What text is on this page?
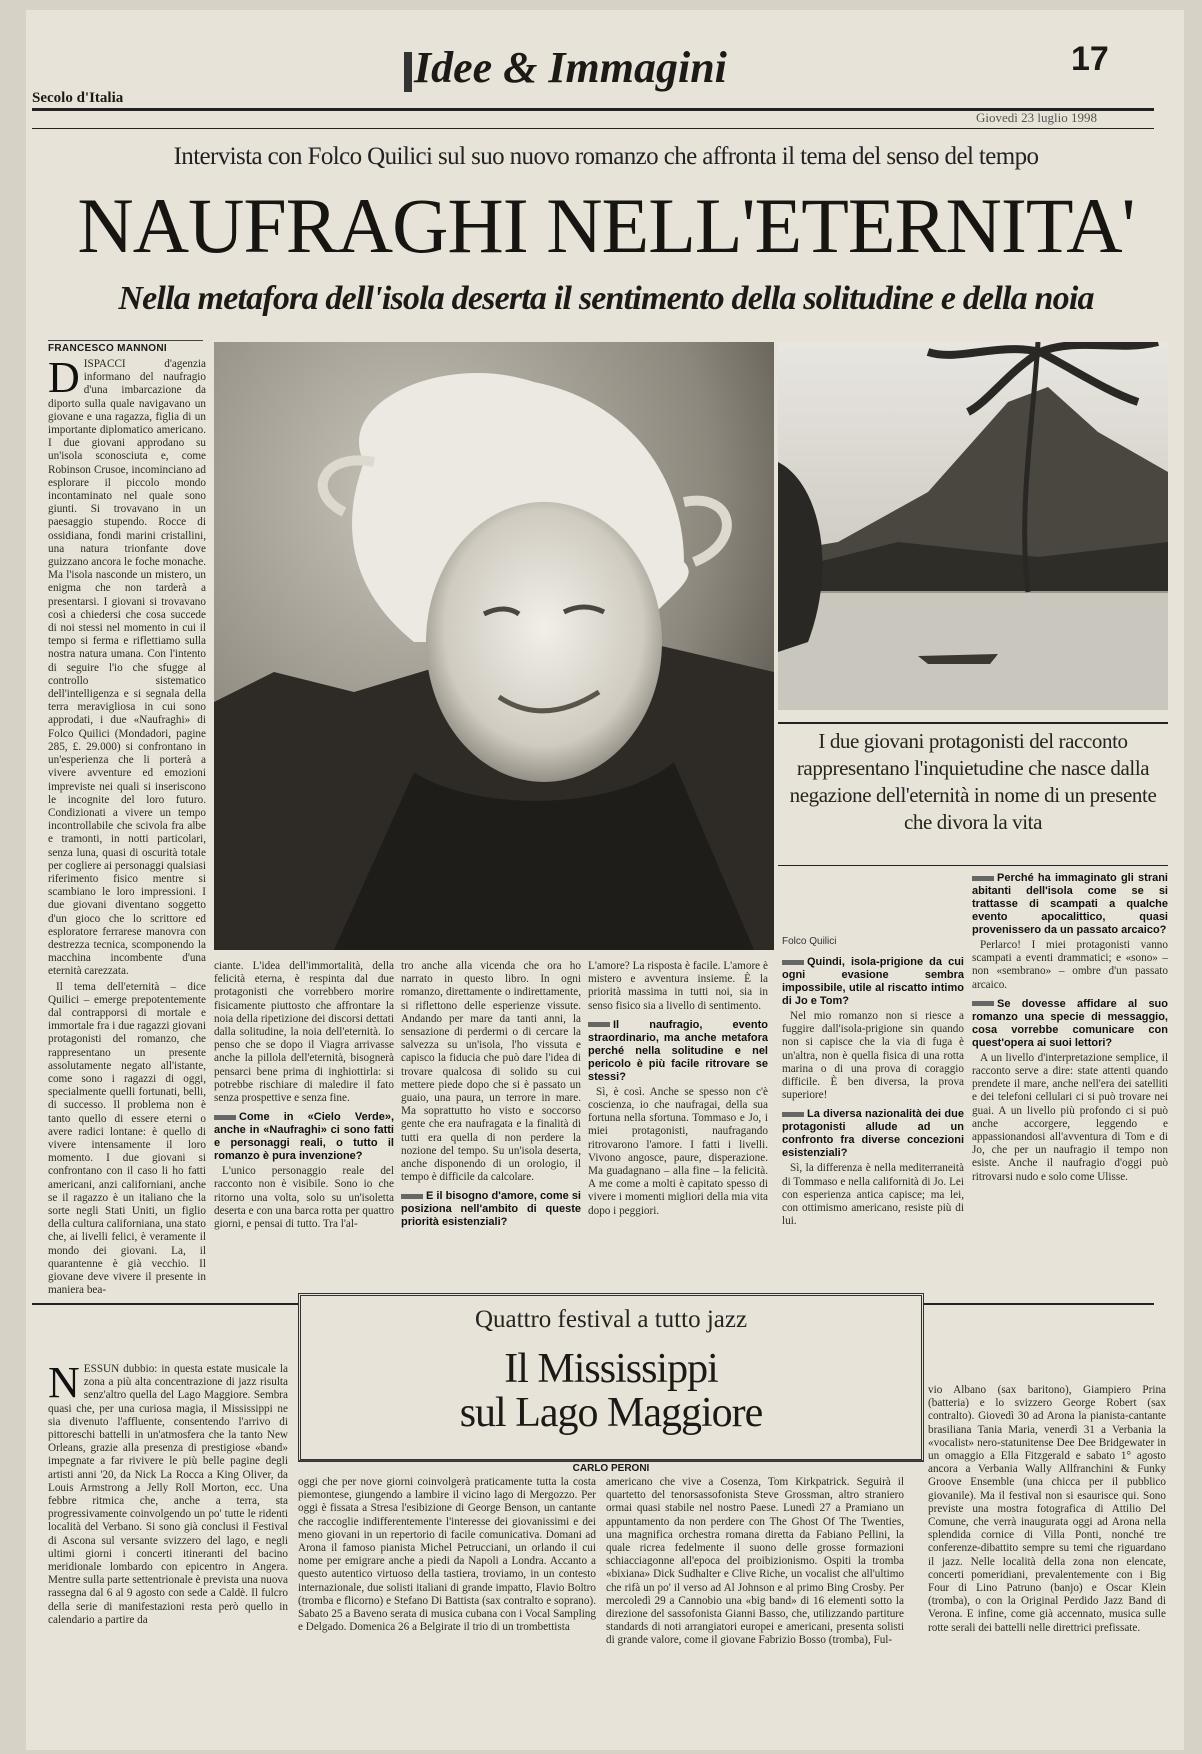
Secolo d'Italia
Idee & Immagini	17
Giovedì 23 luglio 1998
Intervista con Folco Quilici sul suo nuovo romanzo che affronta il tema del senso del tempo
NAUFRAGHI NELL'ETERNITA'
Nella metafora dell'isola deserta il sentimento della solitudine e della noia
FRANCESCO MANNONI
D ISPACCI d'agenzia informano del naufragio d'una imbarcazione da diporto sulla quale navigavano un giovane e una ragazza, figlia di un importante diplomatico americano. I due giovani approdano su un'isola sconosciuta e, come Robinson Crusoe, incominciano ad esplorare il piccolo mondo incontaminato nel quale sono giunti. Si trovavano in un paesaggio stupendo. Rocce di ossidiana, fondi marini cristallini, una natura trionfante dove guizzano ancora le foche monache. Ma l'isola nasconde un mistero, un enigma che non tarderà a presentarsi. I giovani si trovavano così a chiedersi che cosa succede di noi stessi nel momento in cui il tempo si ferma e riflettiamo sulla nostra natura umana. Con l'intento di seguire l'io che sfugge al controllo sistematico dell'intelligenza e si segnala della terra meravigliosa in cui sono approdati, i due «Naufraghi» di Folco Quilici (Mondadori, pagine 285, £. 29.000) si confrontano in un'esperienza che li porterà a vivere avventure ed emozioni impreviste nei quali si inseriscono le incognite del loro futuro. Condizionati a vivere un tempo incontrollabile che scivola fra albe e tramonti, in notti particolari, senza luna, quasi di oscurità totale per cogliere ai personaggi qualsiasi riferimento fisico mentre si scambiano le loro impressioni. I due giovani diventano soggetto d'un gioco che lo scrittore ed esploratore ferrarese manovra con destrezza tecnica, scomponendo la macchina incombente d'una eternità carezzata.

Il tema dell'eternità – dice Quilici – emerge prepotentemente dal contrapporsi di mortale e immortale fra i due ragazzi giovani protagonisti del romanzo, che rappresentano un presente assolutamente negato all'istante, come sono i ragazzi di oggi, specialmente quelli fortunati, belli, di successo. Il problema non è tanto quello di essere eterni o avere radici lontane: è quello di vivere intensamente il loro momento. I due giovani si confrontano con il caso li ho fatti americani, anzi californiani, anche se il ragazzo è un italiano che la sorte negli Stati Uniti, un figlio della cultura californiana, una stato che, ai livelli felici, è veramente il mondo dei giovani. La, il quarantenne è già vecchio. Il giovane deve vivere il presente in maniera bea-

I due giovani protagonisti del racconto rappresentano l'inquietudine che nasce dalla negazione dell'eternità in nome di un presente che divora la vita

ciante. L'idea dell'immortalità, della felicità eterna, è respinta dal due protagonisti che vorrebbero morire fisicamente piuttosto che affrontare la noia della ripetizione dei discorsi dettati dalla solitudine, la noia dell'eternità. Io penso che se dopo il Viagra arrivasse anche la pillola dell'eternità, bisognerà pensarci bene prima di inghiottirla: si potrebbe rischiare di maledire il fato senza prospettive e senza fine.

Come in «Cielo Verde», anche in «Naufraghi» ci sono fatti e personaggi reali, o tutto il romanzo è pura invenzione?

L'unico personaggio reale del racconto non è visibile. Sono io che ritorno una volta, solo su un'isoletta deserta e con una barca rotta per quattro giorni, e pensai di tutto. Tra l'al-

tro anche alla vicenda che ora ho narrato in questo libro. In ogni romanzo, direttamente o indirettamente, si riflettono delle esperienze vissute. Andando per mare da tanti anni, la sensazione di perdermi o di cercare la salvezza su un'isola, l'ho vissuta e capisco la fiducia che può dare l'idea di trovare qualcosa di solido su cui mettere piede dopo che si è passato un guaio, una paura, un terrore in mare. Ma soprattutto ho visto e soccorso gente che era naufragata e la finalità di tutti era quella di non perdere la nozione del tempo. Su un'isola deserta, anche disponendo di un orologio, il tempo è difficile da calcolare.

E il bisogno d'amore, come si posiziona nell'ambito di queste priorità esistenziali?

L'amore? La risposta è facile. L'amore è mistero e avventura insieme. È la priorità massima in tutti noi, sia in senso fisico sia a livello di sentimento.

Il naufragio, evento straordinario, ma anche metafora perché nella solitudine e nel pericolo è più facile ritrovare se stessi?

Sì, è così. Anche se spesso non c'è coscienza, io che naufragai, della sua fortuna nella sfortuna. Tommaso e Jo, i miei protagonisti, naufragando ritrovarono l'amore. I fatti i livelli. Vivono angosce, paure, disperazione. Ma guadagnano – alla fine – la felicità. A me come a molti è capitato spesso di vivere i momenti migliori della mia vita dopo i peggiori.

Folco Quilici
Quindi, isola-prigione da cui ogni evasione sembra impossibile, utile al riscatto intimo di Jo e Tom?

Nel mio romanzo non si riesce a fuggire dall'isola-prigione sin quando non si capisce che la via di fuga è un'altra, non è quella fisica di una rotta marina o di una prova di coraggio difficile. È ben diversa, la prova superiore!

La diversa nazionalità dei due protagonisti allude ad un confronto fra diverse concezioni esistenziali?

Sì, la differenza è nella mediterraneità di Tommaso e nella californità di Jo. Lei con esperienza antica capisce; ma lei, con ottimismo americano, resiste più di lui.

Perché ha immaginato gli strani abitanti dell'isola come se si trattasse di scampati a qualche evento apocalittico, quasi provenissero da un passato arcaico?

Perlarco! I miei protagonisti vanno scampati a eventi drammatici; e «sono» – non «sembrano» – ombre d'un passato arcaico.

Se dovesse affidare al suo romanzo una specie di messaggio, cosa vorrebbe comunicare con quest'opera ai suoi lettori?

A un livello d'interpretazione semplice, il racconto serve a dire: state attenti quando prendete il mare, anche nell'era dei satelliti e dei telefoni cellulari ci si può trovare nei guai. A un livello più profondo ci si può anche accorgere, leggendo e appassionandosi all'avventura di Tom e di Jo, che per un naufragio il tempo non esiste. Anche il naufragio d'oggi può ritrovarsi nudo e solo come Ulisse.

Quattro festival a tutto jazz
Il Mississippi
sul Lago Maggiore
CARLO PERONI
N ESSUN dubbio: in questa estate musicale la zona a più alta concentrazione di jazz risulta senz'altro quella del Lago Maggiore. Sembra quasi che, per una curiosa magia, il Mississippi ne sia divenuto l'affluente, consentendo l'arrivo di pittoreschi battelli in un'atmosfera che la tanto New Orleans, grazie alla presenza di prestigiose «band» impegnate a far rivivere le più belle pagine degli artisti anni '20, da Nick La Rocca a King Oliver, da Louis Armstrong a Jelly Roll Morton, ecc. Una febbre ritmica che, anche a terra, sta progressivamente coinvolgendo un po' tutte le ridenti località del Verbano. Si sono già conclusi il Festival di Ascona sul versante svizzero del lago, e negli ultimi giorni i concerti itineranti del bacino meridionale lombardo con epicentro in Angera. Mentre sulla parte settentrionale è prevista una nuova rassegna dal 6 al 9 agosto con sede a Caldè. Il fulcro della serie di manifestazioni resta però quello in calendario a partire da
oggi che per nove giorni coinvolgerà praticamente tutta la costa piemontese, giungendo a lambire il vicino lago di Mergozzo. Per oggi è fissata a Stresa l'esibizione di George Benson, un cantante che raccoglie indifferentemente l'interesse dei giovanissimi e dei meno giovani in un repertorio di facile comunicativa. Domani ad Arona il famoso pianista Michel Petrucciani, un orlando il cui nome per emigrare anche a piedi da Napoli a Londra. Accanto a questo autentico virtuoso della tastiera, troviamo, in un contesto internazionale, due solisti italiani di grande impatto, Flavio Boltro (tromba e flicorno) e Stefano Di Battista (sax contralto e soprano). Sabato 25 a Baveno serata di musica cubana con i Vocal Sampling e Delgado. Domenica 26 a Belgirate il trio di un trombettista
americano che vive a Cosenza, Tom Kirkpatrick. Seguirà il quartetto del tenorsassofonista Steve Grossman, altro straniero ormai quasi stabile nel nostro Paese. Lunedì 27 a Pramiano un appuntamento da non perdere con The Ghost Of The Twenties, una magnifica orchestra romana diretta da Fabiano Pellini, la quale ricrea fedelmente il suono delle grosse formazioni schiacciagonne all'epoca del proibizionismo. Ospiti la tromba «bixiana» Dick Sudhalter e Clive Riche, un vocalist che all'ultimo che rifà un po' il verso ad Al Johnson e al primo Bing Crosby. Per mercoledì 29 a Cannobio una «big band» di 16 elementi sotto la direzione del sassofonista Gianni Basso, che, utilizzando partiture standards di noti arrangiatori europei e americani, presenta solisti di grande valore, come il giovane Fabrizio Bosso (tromba), Ful-
vio Albano (sax baritono), Giampiero Prina (batteria) e lo svizzero George Robert (sax contralto). Giovedì 30 ad Arona la pianista-cantante brasiliana Tania Maria, venerdì 31 a Verbania la «vocalist» nero-statunitense Dee Dee Bridgewater in un omaggio a Ella Fitzgerald e sabato 1° agosto ancora a Verbania Wally Allfranchini & Funky Groove Ensemble (una chicca per il pubblico giovanile). Ma il festival non si esaurisce qui. Sono previste una mostra fotografica di Attilio Del Comune, che verrà inaugurata oggi ad Arona nella splendida cornice di Villa Ponti, nonché tre conferenze-dibattito sempre su temi che riguardano il jazz. Nelle località della zona non elencate, concerti pomeridiani, prevalentemente con i Big Four di Lino Patruno (banjo) e Oscar Klein (tromba), o con la Original Perdido Jazz Band di Verona. E infine, come già accennato, musica sulle rotte serali dei battelli nelle direttrici prefissate.
